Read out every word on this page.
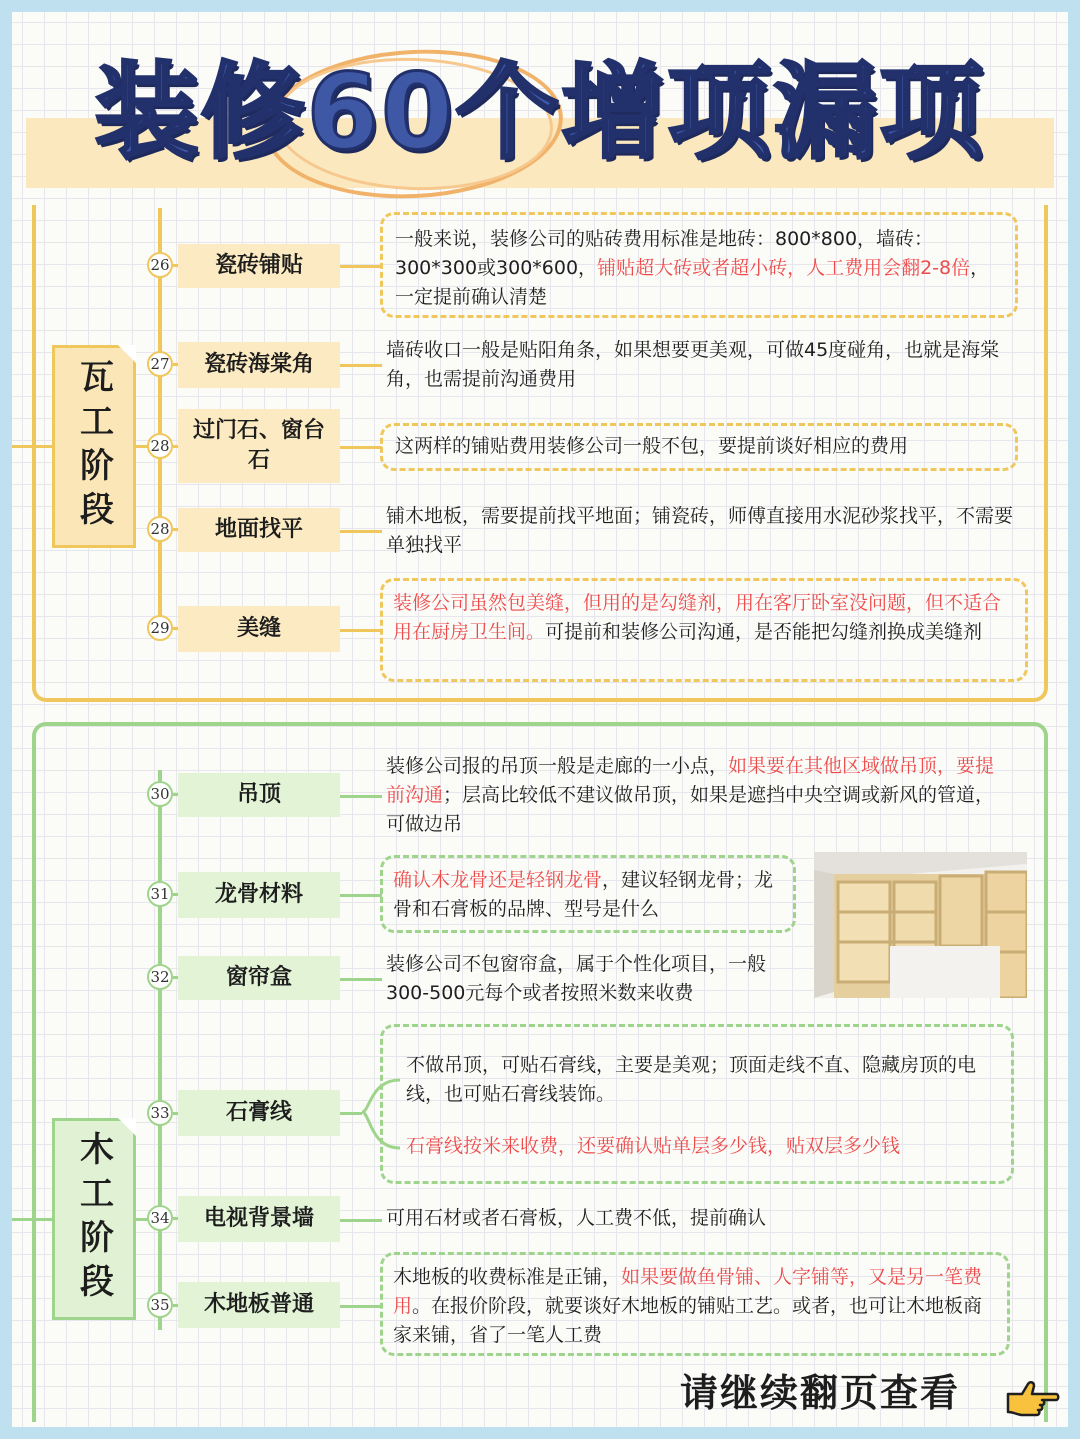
装修60个增项漏项
瓦工阶段
26	瓷砖铺贴
一般来说，装修公司的贴砖费用标准是地砖：800*800，墙砖：300*300或300*600，铺贴超大砖或者超小砖，人工费用会翻2-8倍，一定提前确认清楚
27	瓷砖海棠角
墙砖收口一般是贴阳角条，如果想要更美观，可做45度碰角，也就是海棠角，也需提前沟通费用
28
过门石、窗台石
这两样的铺贴费用装修公司一般不包，要提前谈好相应的费用
28	地面找平
铺木地板，需要提前找平地面；铺瓷砖，师傅直接用水泥砂浆找平，不需要单独找平
29	美缝
装修公司虽然包美缝，但用的是勾缝剂，用在客厅卧室没问题，但不适合用在厨房卫生间。可提前和装修公司沟通，是否能把勾缝剂换成美缝剂
木工阶段
30	吊顶
装修公司报的吊顶一般是走廊的一小点，如果要在其他区域做吊顶，要提前沟通；层高比较低不建议做吊顶，如果是遮挡中央空调或新风的管道，可做边吊
31	龙骨材料
确认木龙骨还是轻钢龙骨，建议轻钢龙骨；龙骨和石膏板的品牌、型号是什么
32	窗帘盒
装修公司不包窗帘盒，属于个性化项目，一般300-500元每个或者按照米数来收费
33	石膏线
不做吊顶，可贴石膏线，主要是美观；顶面走线不直、隐藏房顶的电线，也可贴石膏线装饰。
石膏线按米来收费，还要确认贴单层多少钱，贴双层多少钱
34	电视背景墙	可用石材或者石膏板，人工费不低，提前确认
35	木地板普通
木地板的收费标准是正铺，如果要做鱼骨铺、人字铺等，又是另一笔费用。在报价阶段，就要谈好木地板的铺贴工艺。或者，也可让木地板商家来铺，省了一笔人工费
请继续翻页查看
